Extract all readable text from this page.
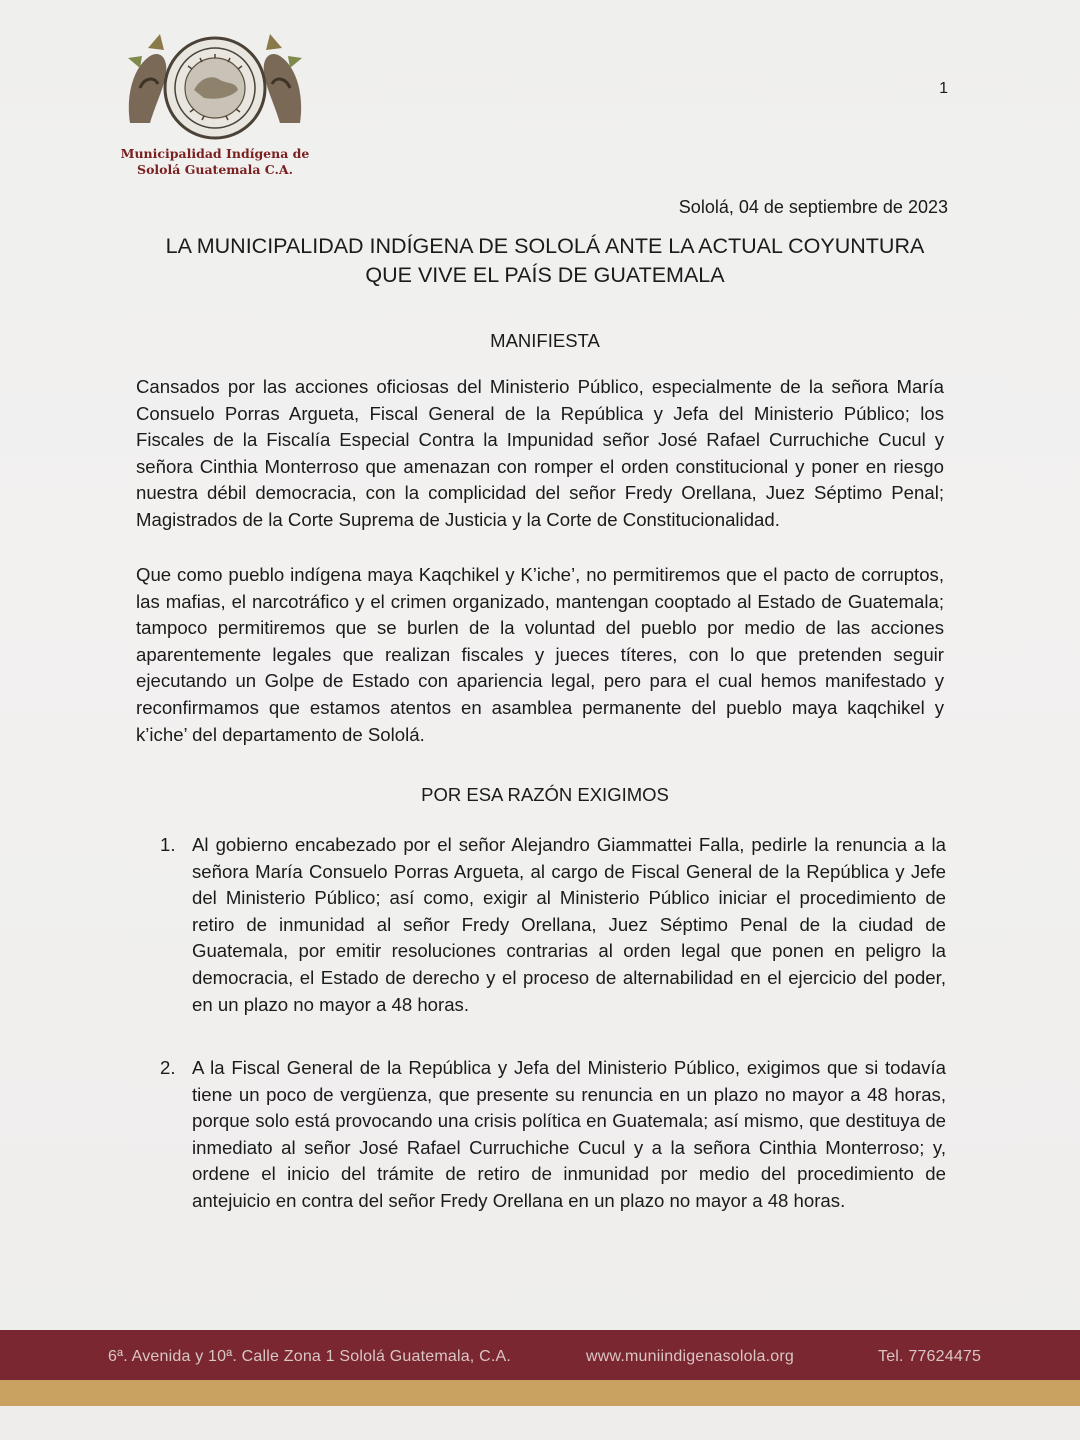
Municipalidad Indígena de
Sololá Guatemala C.A.
1
Sololá, 04 de septiembre de 2023
LA MUNICIPALIDAD INDÍGENA DE SOLOLÁ ANTE LA ACTUAL COYUNTURA QUE VIVE EL PAÍS DE GUATEMALA
MANIFIESTA

Cansados por las acciones oficiosas del Ministerio Público, especialmente de la señora María Consuelo Porras Argueta, Fiscal General de la República y Jefa del Ministerio Público; los Fiscales de la Fiscalía Especial Contra la Impunidad señor José Rafael Curruchiche Cucul y señora Cinthia Monterroso que amenazan con romper el orden constitucional y poner en riesgo nuestra débil democracia, con la complicidad del señor Fredy Orellana, Juez Séptimo Penal; Magistrados de la Corte Suprema de Justicia y la Corte de Constitucionalidad.

Que como pueblo indígena maya Kaqchikel y K’iche’, no permitiremos que el pacto de corruptos, las mafias, el narcotráfico y el crimen organizado, mantengan cooptado al Estado de Guatemala; tampoco permitiremos que se burlen de la voluntad del pueblo por medio de las acciones aparentemente legales que realizan fiscales y jueces títeres, con lo que pretenden seguir ejecutando un Golpe de Estado con apariencia legal, pero para el cual hemos manifestado y reconfirmamos que estamos atentos en asamblea permanente del pueblo maya kaqchikel y k’iche’ del departamento de Sololá.

POR ESA RAZÓN EXIGIMOS
1. Al gobierno encabezado por el señor Alejandro Giammattei Falla, pedirle la renuncia a la señora María Consuelo Porras Argueta, al cargo de Fiscal General de la República y Jefe del Ministerio Público; así como, exigir al Ministerio Público iniciar el procedimiento de retiro de inmunidad al señor Fredy Orellana, Juez Séptimo Penal de la ciudad de Guatemala, por emitir resoluciones contrarias al orden legal que ponen en peligro la democracia, el Estado de derecho y el proceso de alternabilidad en el ejercicio del poder, en un plazo no mayor a 48 horas.

2. A la Fiscal General de la República y Jefa del Ministerio Público, exigimos que si todavía tiene un poco de vergüenza, que presente su renuncia en un plazo no mayor a 48 horas, porque solo está provocando una crisis política en Guatemala; así mismo, que destituya de inmediato al señor José Rafael Curruchiche Cucul y a la señora Cinthia Monterroso; y, ordene el inicio del trámite de retiro de inmunidad por medio del procedimiento de antejuicio en contra del señor Fredy Orellana en un plazo no mayor a 48 horas.

6ª. Avenida y 10ª. Calle Zona 1 Sololá Guatemala, C.A.	www.muniindigenasolola.org	Tel. 77624475
